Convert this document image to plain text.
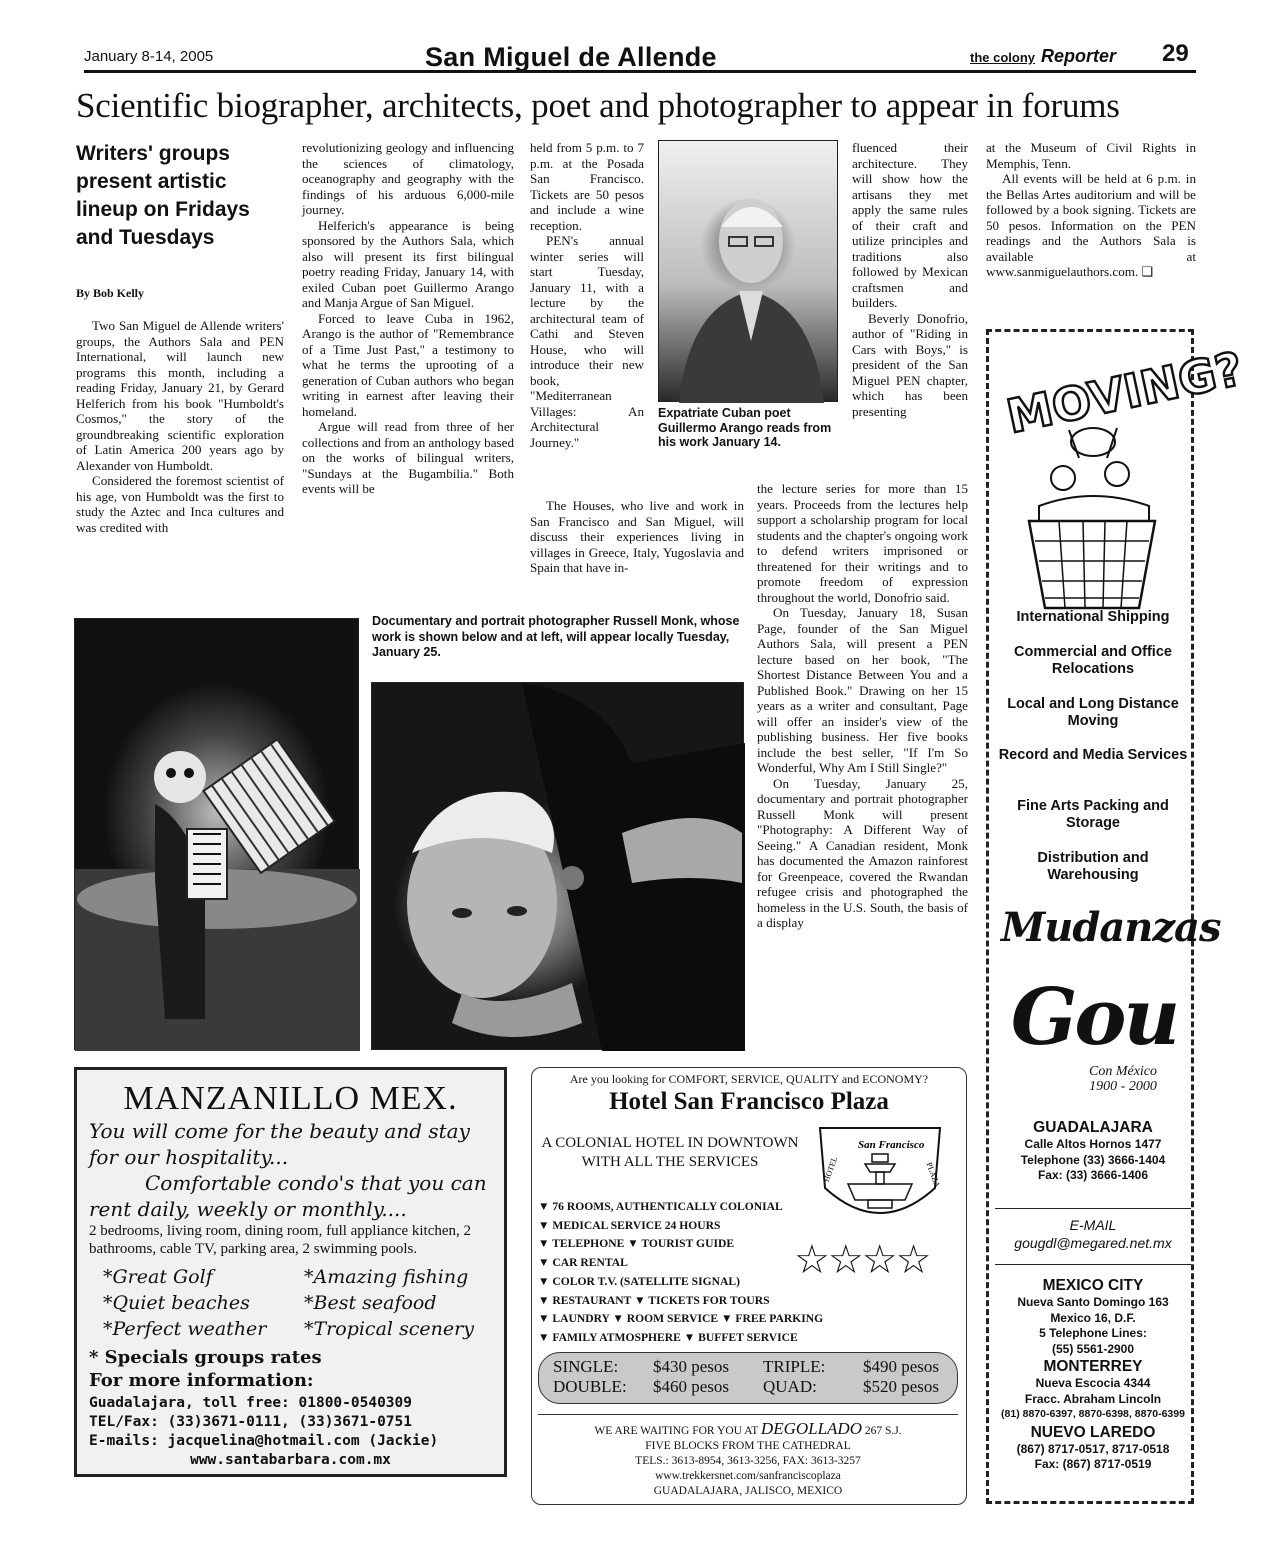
January 8-14, 2005	San Miguel de Allende	the colony Reporter 29
Scientific biographer, architects, poet and photographer to appear in forums
Writers' groups present artistic lineup on Fridays and Tuesdays
By Bob Kelly

Two San Miguel de Allende writers' groups, the Authors Sala and PEN International, will launch new programs this month, including a reading Friday, January 21, by Gerard Helferich from his book "Humboldt's Cosmos," the story of the groundbreaking scientific exploration of Latin America 200 years ago by Alexander von Humboldt.

Considered the foremost scientist of his age, von Humboldt was the first to study the Aztec and Inca cultures and was credited with

revolutionizing geology and influencing the sciences of climatology, oceanography and geography with the findings of his arduous 6,000-mile journey.

Helferich's appearance is being sponsored by the Authors Sala, which also will present its first bilingual poetry reading Friday, January 14, with exiled Cuban poet Guillermo Arango and Manja Argue of San Miguel.

Forced to leave Cuba in 1962, Arango is the author of "Remembrance of a Time Just Past," a testimony to what he terms the uprooting of a generation of Cuban authors who began writing in earnest after leaving their homeland.

Argue will read from three of her collections and from an anthology based on the works of bilingual writers, "Sundays at the Bugambilia." Both events will be

held from 5 p.m. to 7 p.m. at the Posada San Francisco. Tickets are 50 pesos and include a wine reception.

PEN's annual winter series will start Tuesday, January 11, with a lecture by the architectural team of Cathi and Steven House, who will introduce their new book, "Mediterranean Villages: An Architectural Journey."

The Houses, who live and work in San Francisco and San Miguel, will discuss their experiences living in villages in Greece, Italy, Yugoslavia and Spain that have in-

Expatriate Cuban poet Guillermo Arango reads from his work January 14.

fluenced their architecture. They will show how the artisans they met apply the same rules of their craft and utilize principles and traditions also followed by Mexican craftsmen and builders.

Beverly Donofrio, author of "Riding in Cars with Boys," is president of the San Miguel PEN chapter, which has been presenting

the lecture series for more than 15 years. Proceeds from the lectures help support a scholarship program for local students and the chapter's ongoing work to defend writers imprisoned or threatened for their writings and to promote freedom of expression throughout the world, Donofrio said.

On Tuesday, January 18, Susan Page, founder of the San Miguel Authors Sala, will present a PEN lecture based on her book, "The Shortest Distance Between You and a Published Book." Drawing on her 15 years as a writer and consultant, Page will offer an insider's view of the publishing business. Her five books include the best seller, "If I'm So Wonderful, Why Am I Still Single?"

On Tuesday, January 25, documentary and portrait photographer Russell Monk will present "Photography: A Different Way of Seeing." A Canadian resident, Monk has documented the Amazon rainforest for Greenpeace, covered the Rwandan refugee crisis and photographed the homeless in the U.S. South, the basis of a display

at the Museum of Civil Rights in Memphis, Tenn.

All events will be held at 6 p.m. in the Bellas Artes auditorium and will be followed by a book signing. Tickets are 50 pesos. Information on the PEN readings and the Authors Sala is available at www.sanmiguelauthors.com. ❑

Documentary and portrait photographer Russell Monk, whose work is shown below and at left, will appear locally Tuesday, January 25.
MANZANILLO MEX.
You will come for the beauty and stay for our hospitality...
Comfortable condo's that you can rent daily, weekly or monthly....
2 bedrooms, living room, dining room, full appliance kitchen, 2 bathrooms, cable TV, parking area, 2 swimming pools.
*Great Golf	*Amazing fishing
*Quiet beaches	*Best seafood
*Perfect weather	*Tropical scenery
* Specials groups rates
For more information:
Guadalajara, toll free: 01800-0540309
TEL/Fax: (33)3671-0111, (33)3671-0751
E-mails: jacquelina@hotmail.com (Jackie)
www.santabarbara.com.mx
Are you looking for COMFORT, SERVICE, QUALITY and ECONOMY?
Hotel San Francisco Plaza
A COLONIAL HOTEL IN DOWNTOWN WITH ALL THE SERVICES
San Francisco
HOTEL	PLAZA
▼ 76 ROOMS, AUTHENTICALLY COLONIAL
▼ MEDICAL SERVICE 24 HOURS
▼ TELEPHONE ▼ TOURIST GUIDE
▼ CAR RENTAL
▼ COLOR T.V. (SATELLITE SIGNAL)
▼ RESTAURANT ▼ TICKETS FOR TOURS
▼ LAUNDRY ▼ ROOM SERVICE ▼ FREE PARKING
▼ FAMILY ATMOSPHERE ▼ BUFFET SERVICE
☆☆☆☆
SINGLE:	$430 pesos	TRIPLE:	$490 pesos
DOUBLE:	$460 pesos	QUAD:	$520 pesos
WE ARE WAITING FOR YOU AT DEGOLLADO 267 S.J.
FIVE BLOCKS FROM THE CATHEDRAL
TELS.: 3613-8954, 3613-3256, FAX: 3613-3257
www.trekkersnet.com/sanfranciscoplaza
GUADALAJARA, JALISCO, MEXICO
MOVING?
International Shipping
Commercial and Office Relocations
Local and Long Distance Moving
Record and Media Services
Fine Arts Packing and Storage
Distribution and Warehousing
Mudanzas
Gou
Con México
1900 - 2000
GUADALAJARA
Calle Altos Hornos 1477
Telephone (33) 3666-1404
Fax: (33) 3666-1406
E-MAIL
gougdl@megared.net.mx
MEXICO CITY
Nueva Santo Domingo 163
Mexico 16, D.F.
5 Telephone Lines:
(55) 5561-2900
MONTERREY
Nueva Escocia 4344
Fracc. Abraham Lincoln
(81) 8870-6397, 8870-6398, 8870-6399
NUEVO LAREDO
(867) 8717-0517, 8717-0518
Fax: (867) 8717-0519
